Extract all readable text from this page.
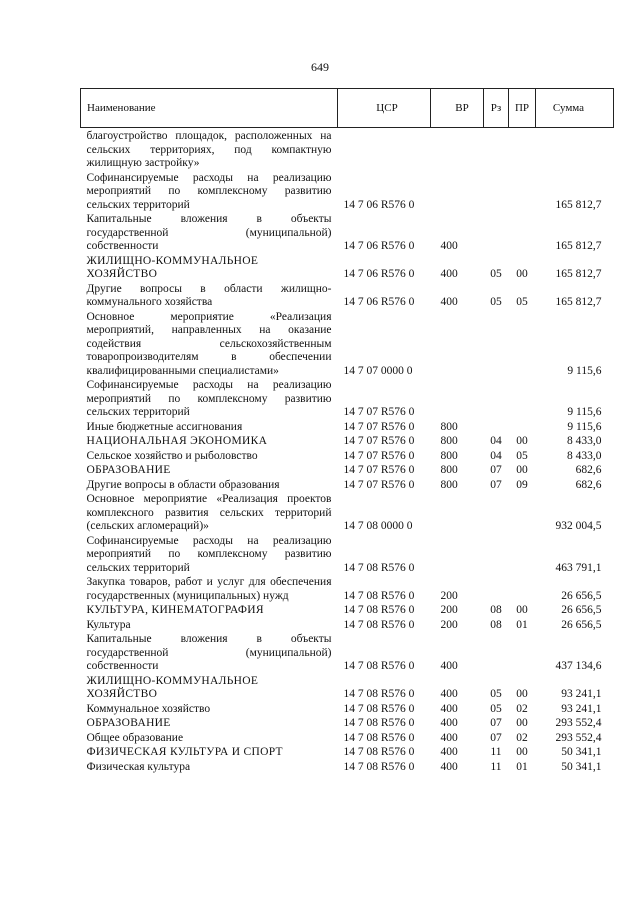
649
Наименование	ЦСР	ВР	Рз	ПР	Сумма
благоустройство площадок, расположенных на сельских территориях, под компактную жилищную застройку»					
Софинансируемые расходы на реализацию мероприятий по комплексному развитию сельских территорий	14 7 06 R576 0				165 812,7
Капитальные вложения в объекты государственной (муниципальной) собственности	14 7 06 R576 0	400			165 812,7
ЖИЛИЩНО-КОММУНАЛЬНОЕ ХОЗЯЙСТВО	14 7 06 R576 0	400	05	00	165 812,7
Другие вопросы в области жилищно-коммунального хозяйства	14 7 06 R576 0	400	05	05	165 812,7
Основное мероприятие «Реализация мероприятий, направленных на оказание содействия сельскохозяйственным товаропроизводителям в обеспечении квалифицированными специалистами»	14 7 07 0000 0				9 115,6
Софинансируемые расходы на реализацию мероприятий по комплексному развитию сельских территорий	14 7 07 R576 0				9 115,6
Иные бюджетные ассигнования	14 7 07 R576 0	800			9 115,6
НАЦИОНАЛЬНАЯ ЭКОНОМИКА	14 7 07 R576 0	800	04	00	8 433,0
Сельское хозяйство и рыболовство	14 7 07 R576 0	800	04	05	8 433,0
ОБРАЗОВАНИЕ	14 7 07 R576 0	800	07	00	682,6
Другие вопросы в области образования	14 7 07 R576 0	800	07	09	682,6
Основное мероприятие «Реализация проектов комплексного развития сельских территорий (сельских агломераций)»	14 7 08 0000 0				932 004,5
Софинансируемые расходы на реализацию мероприятий по комплексному развитию сельских территорий	14 7 08 R576 0				463 791,1
Закупка товаров, работ и услуг для обеспечения государственных (муниципальных) нужд	14 7 08 R576 0	200			26 656,5
КУЛЬТУРА, КИНЕМАТОГРАФИЯ	14 7 08 R576 0	200	08	00	26 656,5
Культура	14 7 08 R576 0	200	08	01	26 656,5
Капитальные вложения в объекты государственной (муниципальной) собственности	14 7 08 R576 0	400			437 134,6
ЖИЛИЩНО-КОММУНАЛЬНОЕ ХОЗЯЙСТВО	14 7 08 R576 0	400	05	00	93 241,1
Коммунальное хозяйство	14 7 08 R576 0	400	05	02	93 241,1
ОБРАЗОВАНИЕ	14 7 08 R576 0	400	07	00	293 552,4
Общее образование	14 7 08 R576 0	400	07	02	293 552,4
ФИЗИЧЕСКАЯ КУЛЬТУРА И СПОРТ	14 7 08 R576 0	400	11	00	50 341,1
Физическая культура	14 7 08 R576 0	400	11	01	50 341,1
